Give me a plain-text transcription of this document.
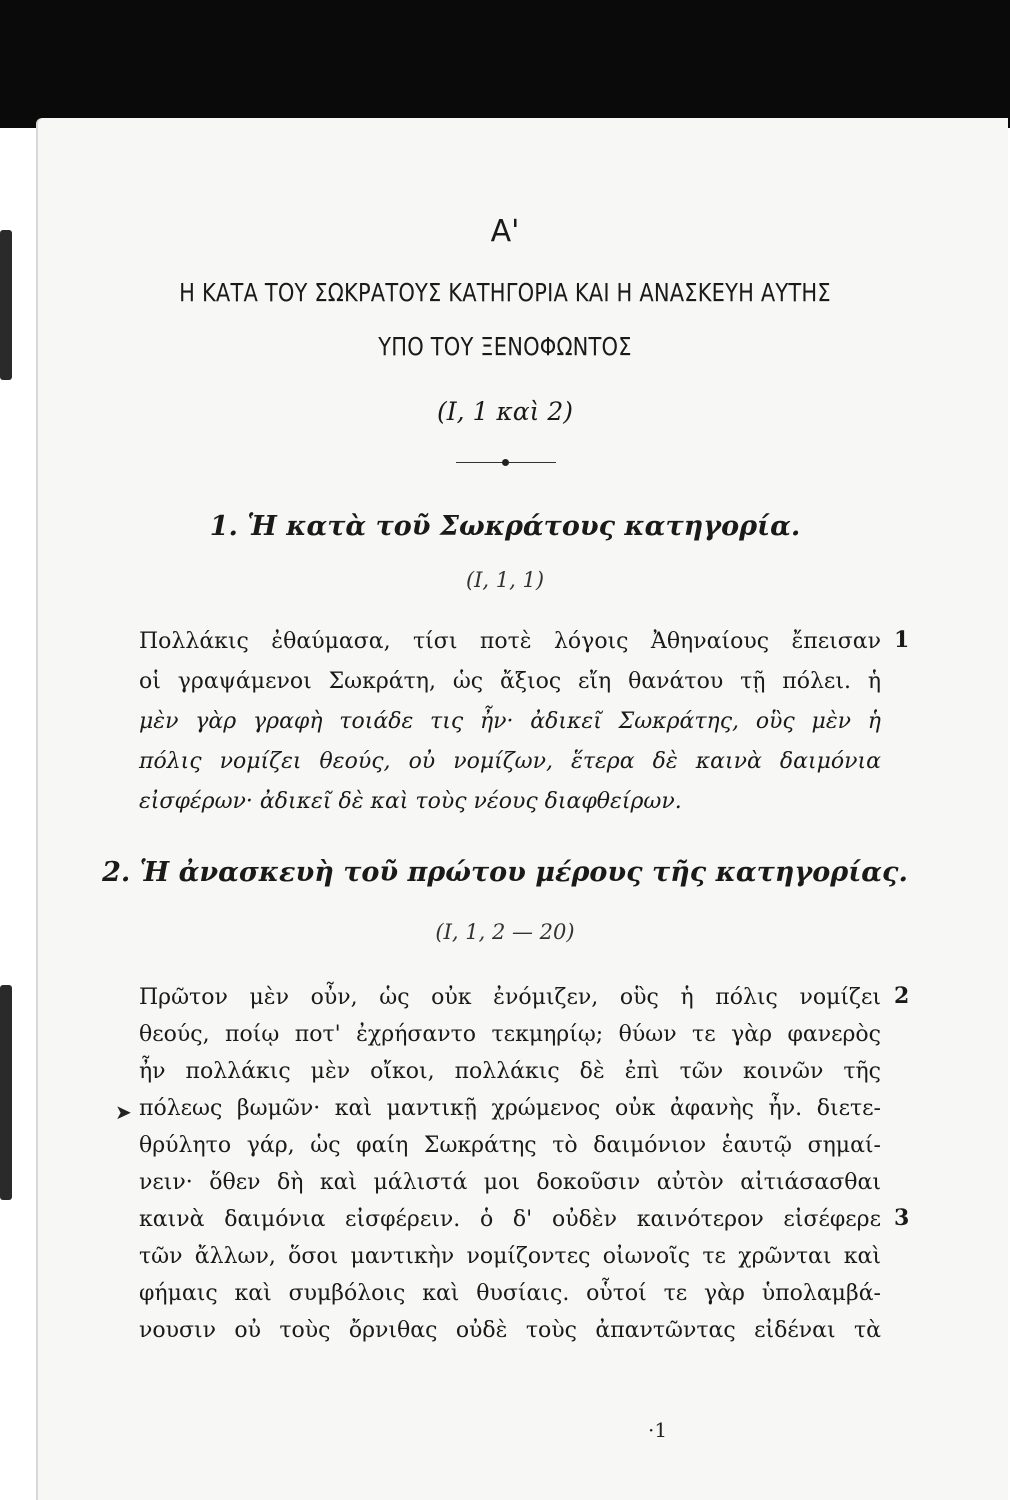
Α'
Η ΚΑΤΑ ΤΟΥ ΣΩΚΡΑΤΟΥΣ ΚΑΤΗΓΟΡΙΑ ΚΑΙ Η ΑΝΑΣΚΕΥΗ ΑΥΤΗΣ
ΥΠΟ ΤΟΥ ΞΕΝΟΦΩΝΤΟΣ
(Ι, 1 καὶ 2)
1. Ἡ κατὰ τοῦ Σωκράτους κατηγορία.
(Ι, 1, 1)
Πολλάκις ἐθαύμασα, τίσι ποτὲ λόγοις Ἀθηναίους ἔπεισαν
οἱ γραψάμενοι Σωκράτη, ὡς ἄξιος εἴη θανάτου τῇ πόλει. ἡ
μὲν γὰρ γραφὴ τοιάδε τις ἦν· ἀδικεῖ Σωκράτης, οὓς μὲν ἡ
πόλις νομίζει θεούς, οὐ νομίζων, ἕτερα δὲ καινὰ δαιμόνια
εἰσφέρων· ἀδικεῖ δὲ καὶ τοὺς νέους διαφθείρων.
1
2. Ἡ ἀνασκευὴ τοῦ πρώτου μέρους τῆς κατηγορίας.
(Ι, 1, 2 — 20)
Πρῶτον μὲν οὖν, ὡς οὐκ ἐνόμιζεν, οὓς ἡ πόλις νομίζει
θεούς, ποίῳ ποτ' ἐχρήσαντο τεκμηρίῳ; θύων τε γὰρ φανερὸς
ἦν πολλάκις μὲν οἴκοι, πολλάκις δὲ ἐπὶ τῶν κοινῶν τῆς
πόλεως βωμῶν· καὶ μαντικῇ χρώμενος οὐκ ἀφανὴς ἦν. διετε-
θρύλητο γάρ, ὡς φαίη Σωκράτης τὸ δαιμόνιον ἑαυτῷ σημαί-
νειν· ὅθεν δὴ καὶ μάλιστά μοι δοκοῦσιν αὐτὸν αἰτιάσασθαι
καινὰ δαιμόνια εἰσφέρειν. ὁ δ' οὐδὲν καινότερον εἰσέφερε
τῶν ἄλλων, ὅσοι μαντικὴν νομίζοντες οἰωνοῖς τε χρῶνται καὶ
φήμαις καὶ συμβόλοις καὶ θυσίαις. οὗτοί τε γὰρ ὑπολαμβά-
νουσιν οὐ τοὺς ὄρνιθας οὐδὲ τοὺς ἀπαντῶντας εἰδέναι τὰ
2
3
➤
·1
